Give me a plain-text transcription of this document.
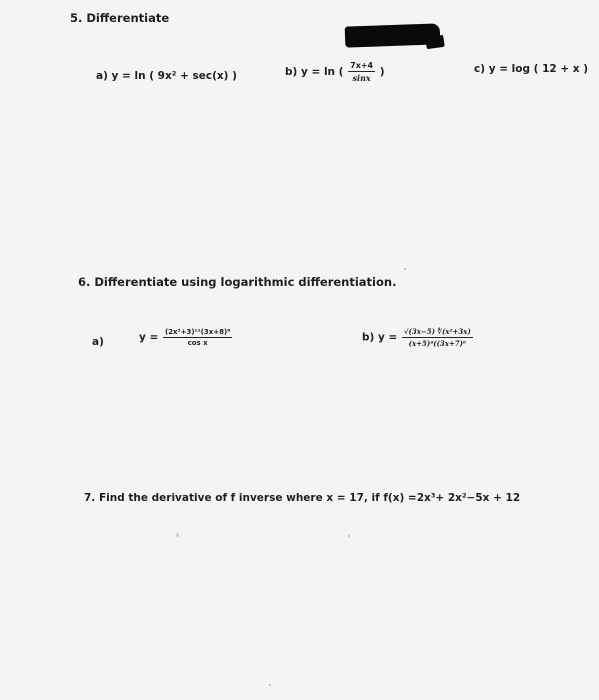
5. Differentiate
a) y = ln ( 9x² + sec(x) )	b) y = ln ( $\frac{7x+4}{\sin x}$ )	c) y = log ( 12 + x )
6. Differentiate using logarithmic differentiation.
a)	$y = \frac{\text{(2x³+3)¹¹(3x+8)⁶}}{\text{cos x}}$	b) $y = \frac{\text{√(3x−5) ∜(x²+3x)}}{\text{(x+5)⁴((3x+7)⁶}}$
7. Find the derivative of f inverse where x = 17, if f(x) =2x³+ 2x²−5x + 12
